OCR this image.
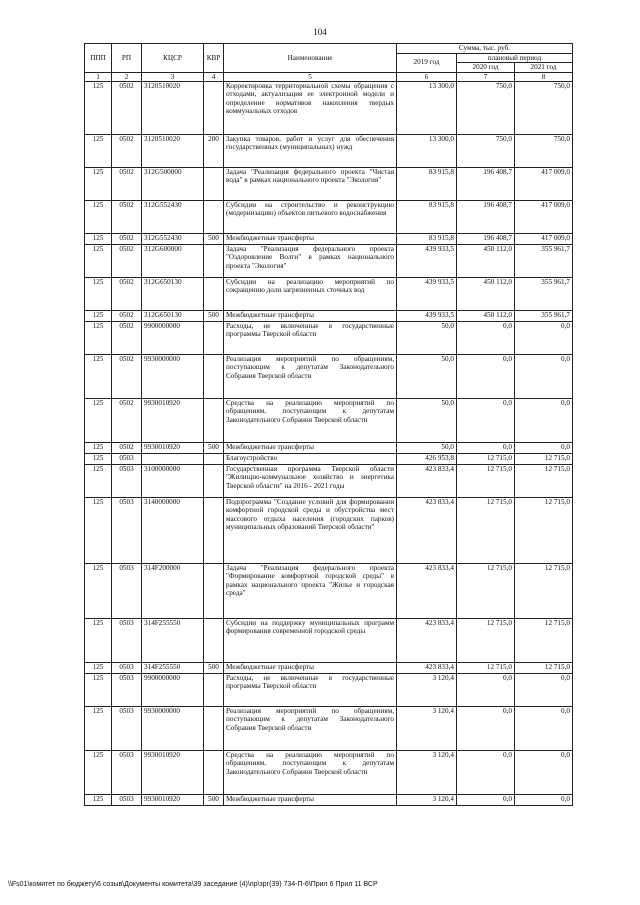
104
ППП	РП	КЦСР	КВР	Наименование	Сумма, тыс. руб.		
					2019 год	плановый период	
						2020 год	2021 год
1	2	3	4	5	6	7	8
125	0502	3120510020		Корректировка территориальной схемы обращения с отходами, актуализация ее электронной модели и определение нормативов накопления твердых коммунальных отходов	13 300,0	750,0	750,0
125	0502	3120510020	200	Закупка товаров, работ и услуг для обеспечения государственных (муниципальных) нужд	13 300,0	750,0	750,0
125	0502	312G500000		Задача "Реализация федерального проекта "Чистая вода" в рамках национального проекта "Экология"	83 915,8	196 408,7	417 009,0
125	0502	312G552430		Субсидии на строительство и реконструкцию (модернизацию) объектов питьевого водоснабжения	83 915,8	196 408,7	417 009,0
125	0502	312G552430	500	Межбюджетные трансферты	83 915,8	196 408,7	417 009,0
125	0502	312G600000		Задача "Реализация федерального проекта "Оздоровление Волги" в рамках национального проекта "Экология"	439 933,5	450 112,0	355 961,7
125	0502	312G650130		Субсидии на реализацию мероприятий по сокращению доли загрязненных сточных вод	439 933,5	450 112,0	355 961,7
125	0502	312G650130	500	Межбюджетные трансферты	439 933,5	450 112,0	355 961,7
125	0502	9900000000		Расходы, не включенные в государственные программы Тверской области	50,0	0,0	0,0
125	0502	9930000000		Реализация мероприятий по обращениям, поступающим к депутатам Законодательного Собрания Тверской области	50,0	0,0	0,0
125	0502	9930010920		Средства на реализацию мероприятий по обращениям, поступающим к депутатам Законодательного Собрания Тверской области	50,0	0,0	0,0
125	0502	9930010920	500	Межбюджетные трансферты	50,0	0,0	0,0
125	0503			Благоустройство	426 953,8	12 715,0	12 715,0
125	0503	3100000000		Государственная программа Тверской области "Жилищно-коммунальное хозяйство и энергетика Тверской области" на 2016 - 2021 годы	423 833,4	12 715,0	12 715,0
125	0503	3140000000		Подпрограмма "Создание условий для формирования комфортной городской среды и обустройства мест массового отдыха населения (городских парков) муниципальных образований Тверской области"	423 833,4	12 715,0	12 715,0
125	0503	314F200000		Задача "Реализация федерального проекта "Формирование комфортной городской среды" в рамках национального проекта "Жилье и городская среда"	423 833,4	12 715,0	12 715,0
125	0503	314F255550		Субсидии на поддержку муниципальных программ формирования современной городской среды	423 833,4	12 715,0	12 715,0
125	0503	314F255550	500	Межбюджетные трансферты	423 833,4	12 715,0	12 715,0
125	0503	9900000000		Расходы, не включенные в государственные программы Тверской области	3 120,4	0,0	0,0
125	0503	9930000000		Реализация мероприятий по обращениям, поступающим к депутатам Законодательного Собрания Тверской области	3 120,4	0,0	0,0
125	0503	9930010920		Средства на реализацию мероприятий по обращениям, поступающим к депутатам Законодательного Собрания Тверской области	3 120,4	0,0	0,0
125	0503	9930010920	500	Межбюджетные трансферты	3 120,4	0,0	0,0
\\Fs01\комитет по бюджету\6 созыв\Документы комитета\39 заседание (4)\пр\зрг(39) 734-П-6\Прил 6 Прил 11 ВСР
